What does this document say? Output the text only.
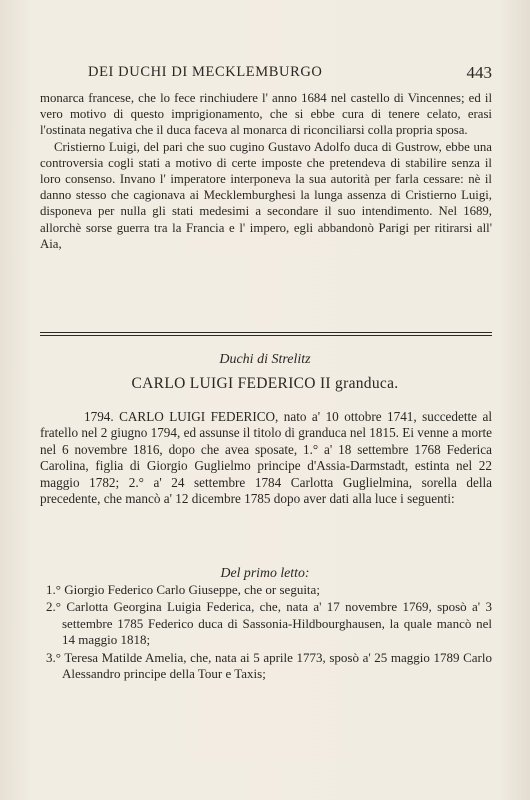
DEI DUCHI DI MECKLEMBURGO	443

monarca francese, che lo fece rinchiudere l' anno 1684 nel castello di Vincennes; ed il vero motivo di questo imprigionamento, che si ebbe cura di tenere celato, erasi l'ostinata negativa che il duca faceva al monarca di riconciliarsi colla propria sposa.

Cristierno Luigi, del pari che suo cugino Gustavo Adolfo duca di Gustrow, ebbe una controversia cogli stati a motivo di certe imposte che pretendeva di stabilire senza il loro consenso. Invano l' imperatore interponeva la sua autorità per farla cessare: nè il danno stesso che cagionava ai Mecklemburghesi la lunga assenza di Cristierno Luigi, disponeva per nulla gli stati medesimi a secondare il suo intendimento. Nel 1689, allorchè sorse guerra tra la Francia e l' impero, egli abbandonò Parigi per ritirarsi all' Aia,

Duchi di Strelitz
CARLO LUIGI FEDERICO II granduca.

1794. CARLO LUIGI FEDERICO, nato a' 10 ottobre 1741, succedette al fratello nel 2 giugno 1794, ed assunse il titolo di granduca nel 1815. Ei venne a morte nel 6 novembre 1816, dopo che avea sposate, 1.° a' 18 settembre 1768 Federica Carolina, figlia di Giorgio Guglielmo principe d'Assia-Darmstadt, estinta nel 22 maggio 1782; 2.° a' 24 settembre 1784 Carlotta Guglielmina, sorella della precedente, che mancò a' 12 dicembre 1785 dopo aver dati alla luce i seguenti:

Del primo letto:
1.° Giorgio Federico Carlo Giuseppe, che or seguita;
2.° Carlotta Georgina Luigia Federica, che, nata a' 17 novembre 1769, sposò a' 3 settembre 1785 Federico duca di Sassonia-Hildbourghausen, la quale mancò nel 14 maggio 1818;
3.° Teresa Matilde Amelia, che, nata ai 5 aprile 1773, sposò a' 25 maggio 1789 Carlo Alessandro principe della Tour e Taxis;
